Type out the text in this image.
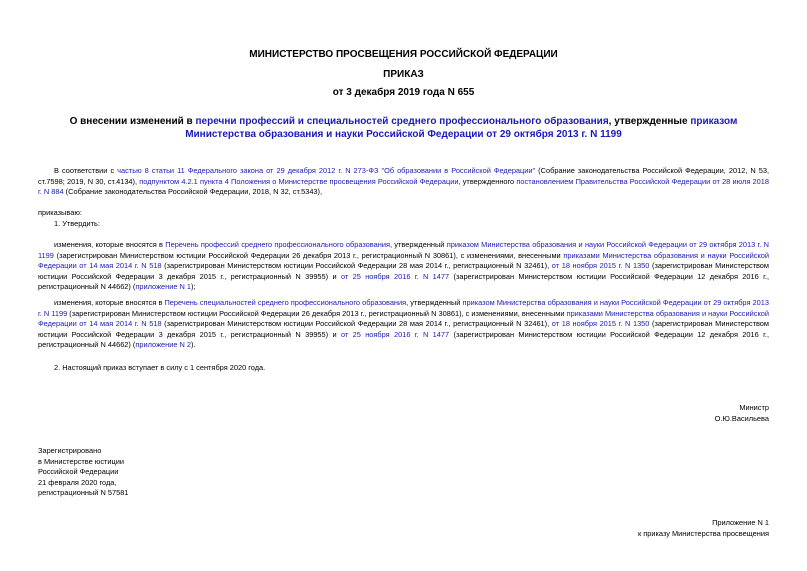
МИНИСТЕРСТВО ПРОСВЕЩЕНИЯ РОССИЙСКОЙ ФЕДЕРАЦИИ
ПРИКАЗ
от 3 декабря 2019 года N 655
О внесении изменений в перечни профессий и специальностей среднего профессионального образования, утвержденные приказом Министерства образования и науки Российской Федерации от 29 октября 2013 г. N 1199
В соответствии с частью 8 статьи 11 Федерального закона от 29 декабря 2012 г. N 273-ФЗ "Об образовании в Российской Федерации" (Собрание законодательства Российской Федерации, 2012, N 53, ст.7598; 2019, N 30, ст.4134), подпунктом 4.2.1 пункта 4 Положения о Министерстве просвещения Российской Федерации, утвержденного постановлением Правительства Российской Федерации от 28 июля 2018 г. N 884 (Собрание законодательства Российской Федерации, 2018, N 32, ст.5343),
приказываю:
1. Утвердить:
изменения, которые вносятся в Перечень профессий среднего профессионального образования, утвержденный приказом Министерства образования и науки Российской Федерации от 29 октября 2013 г. N 1199 (зарегистрирован Министерством юстиции Российской Федерации 26 декабря 2013 г., регистрационный N 30861), с изменениями, внесенными приказами Министерства образования и науки Российской Федерации от 14 мая 2014 г. N 518 (зарегистрирован Министерством юстиции Российской Федерации 28 мая 2014 г., регистрационный N 32461), от 18 ноября 2015 г. N 1350 (зарегистрирован Министерством юстиции Российской Федерации 3 декабря 2015 г., регистрационный N 39955) и от 25 ноября 2016 г. N 1477 (зарегистрирован Министерством юстиции Российской Федерации 12 декабря 2016 г., регистрационный N 44662) (приложение N 1);
изменения, которые вносятся в Перечень специальностей среднего профессионального образования, утвержденный приказом Министерства образования и науки Российской Федерации от 29 октября 2013 г. N 1199 (зарегистрирован Министерством юстиции Российской Федерации 26 декабря 2013 г., регистрационный N 30861), с изменениями, внесенными приказами Министерства образования и науки Российской Федерации от 14 мая 2014 г. N 518 (зарегистрирован Министерством юстиции Российской Федерации 28 мая 2014 г., регистрационный N 32461), от 18 ноября 2015 г. N 1350 (зарегистрирован Министерством юстиции Российской Федерации 3 декабря 2015 г., регистрационный N 39955) и от 25 ноября 2016 г. N 1477 (зарегистрирован Министерством юстиции Российской Федерации 12 декабря 2016 г., регистрационный N 44662) (приложение N 2).
2. Настоящий приказ вступает в силу с 1 сентября 2020 года.
Министр
О.Ю.Васильева
Зарегистрировано
в Министерстве юстиции
Российской Федерации
21 февраля 2020 года,
регистрационный N 57581
Приложение N 1
к приказу Министерства просвещения
